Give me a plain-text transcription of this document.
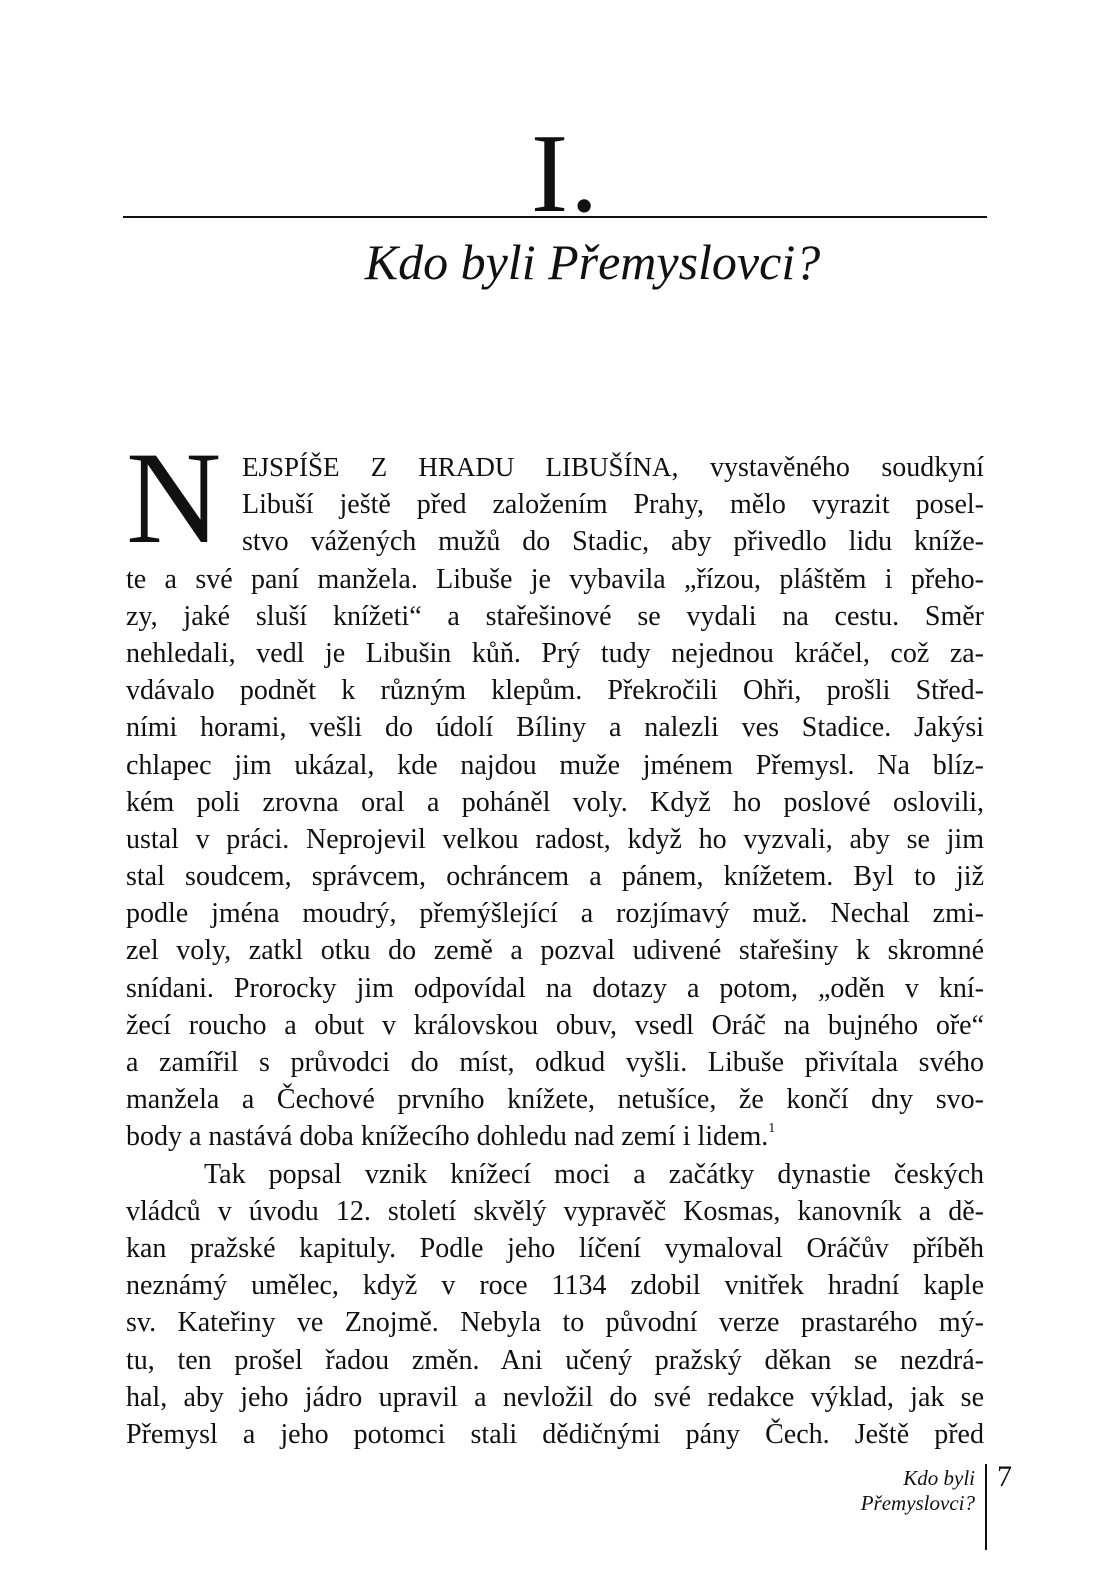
I.
Kdo byli Přemyslovci?
N EJSPÍŠE Z HRADU LIBUŠÍNA, vystavěného soudkyní
Libuší ještě před založením Prahy, mělo vyrazit posel-
stvo vážených mužů do Stadic, aby přivedlo lidu kníže-
te a své paní manžela. Libuše je vybavila „řízou, pláštěm i přeho-
zy, jaké sluší knížeti“ a stařešinové se vydali na cestu. Směr
nehledali, vedl je Libušin kůň. Prý tudy nejednou kráčel, což za-
vdávalo podnět k různým klepům. Překročili Ohři, prošli Střed-
ními horami, vešli do údolí Bíliny a nalezli ves Stadice. Jakýsi
chlapec jim ukázal, kde najdou muže jménem Přemysl. Na blíz-
kém poli zrovna oral a poháněl voly. Když ho poslové oslovili,
ustal v práci. Neprojevil velkou radost, když ho vyzvali, aby se jim
stal soudcem, správcem, ochráncem a pánem, knížetem. Byl to již
podle jména moudrý, přemýšlející a rozjímavý muž. Nechal zmi-
zel voly, zatkl otku do země a pozval udivené stařešiny k skromné
snídani. Prorocky jim odpovídal na dotazy a potom, „oděn v kní-
žecí roucho a obut v královskou obuv, vsedl Oráč na bujného oře“
a zamířil s průvodci do míst, odkud vyšli. Libuše přivítala svého
manžela a Čechové prvního knížete, netušíce, že končí dny svo-
body a nastává doba knížecího dohledu nad zemí i lidem.$^1$
Tak popsal vznik knížecí moci a začátky dynastie českých
vládců v úvodu 12. století skvělý vypravěč Kosmas, kanovník a dě-
kan pražské kapituly. Podle jeho líčení vymaloval Oráčův příběh
neznámý umělec, když v roce 1134 zdobil vnitřek hradní kaple
sv. Kateřiny ve Znojmě. Nebyla to původní verze prastarého mý-
tu, ten prošel řadou změn. Ani učený pražský děkan se nezdrá-
hal, aby jeho jádro upravil a nevložil do své redakce výklad, jak se
Přemysl a jeho potomci stali dědičnými pány Čech. Ještě před
Kdo byli
Přemyslovci?
7
